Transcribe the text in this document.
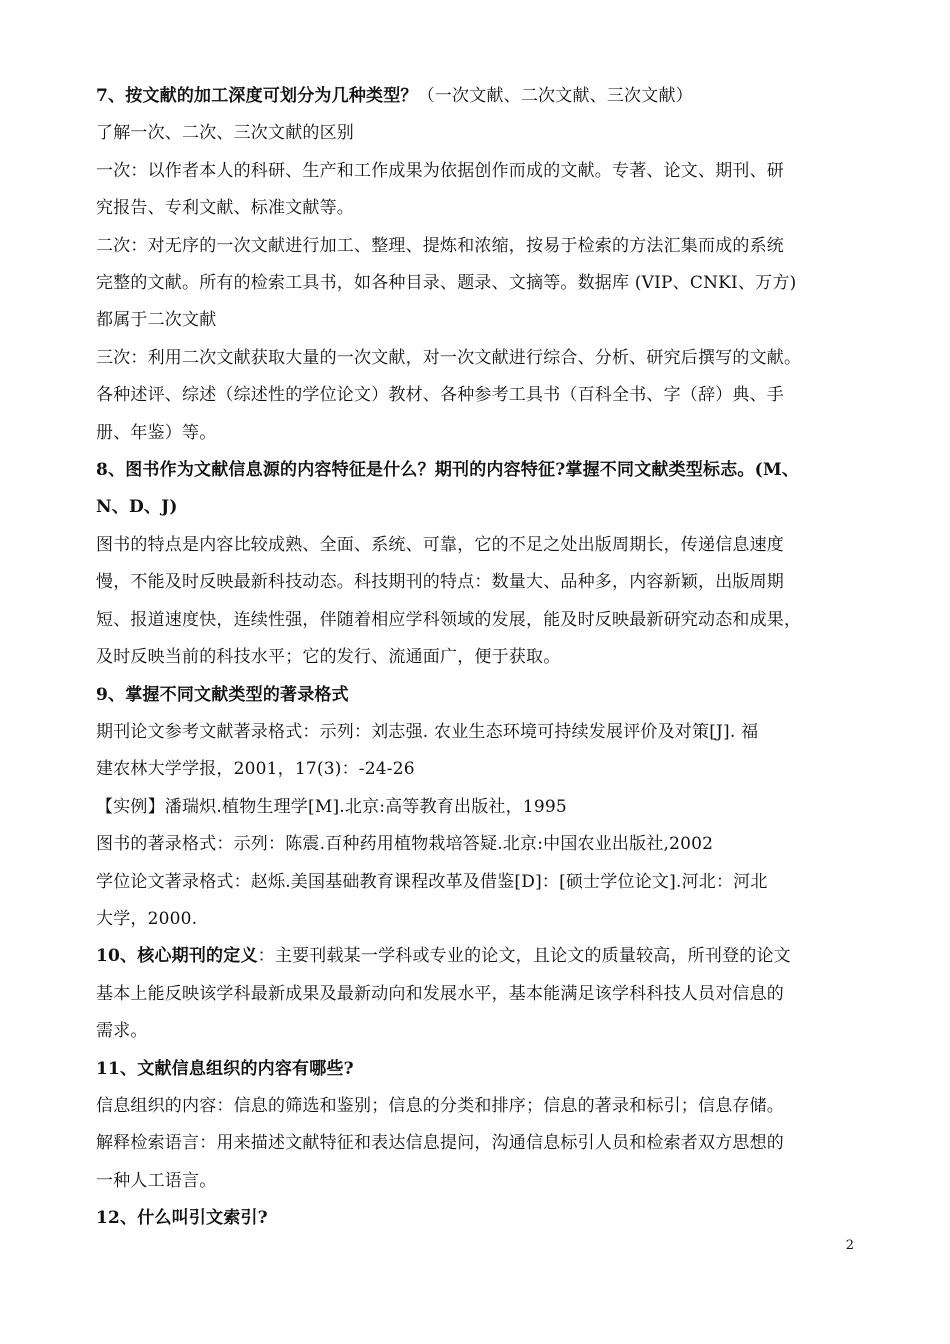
7、按文献的加工深度可划分为几种类型？（一次文献、二次文献、三次文献）
了解一次、二次、三次文献的区别
一次：以作者本人的科研、生产和工作成果为依据创作而成的文献。专著、论文、期刊、研
究报告、专利文献、标准文献等。
二次：对无序的一次文献进行加工、整理、提炼和浓缩，按易于检索的方法汇集而成的系统
完整的文献。所有的检索工具书，如各种目录、题录、文摘等。数据库 (VIP、CNKI、万方)
都属于二次文献
三次：利用二次文献获取大量的一次文献，对一次文献进行综合、分析、研究后撰写的文献。
各种述评、综述（综述性的学位论文）教材、各种参考工具书（百科全书、字（辞）典、手
册、年鉴）等。
8、图书作为文献信息源的内容特征是什么？期刊的内容特征?掌握不同文献类型标志。(M、
N、D、J)
图书的特点是内容比较成熟、全面、系统、可靠，它的不足之处出版周期长，传递信息速度
慢，不能及时反映最新科技动态。科技期刊的特点：数量大、品种多，内容新颖，出版周期
短、报道速度快，连续性强，伴随着相应学科领域的发展，能及时反映最新研究动态和成果，
及时反映当前的科技水平；它的发行、流通面广，便于获取。
9、掌握不同文献类型的著录格式
期刊论文参考文献著录格式：示列：刘志强. 农业生态环境可持续发展评价及对策[J]. 福
建农林大学学报，2001，17(3)：-24-26
【实例】潘瑞炽.植物生理学[M].北京:高等教育出版社，1995
图书的著录格式：示列：陈震.百种药用植物栽培答疑.北京:中国农业出版社,2002
学位论文著录格式：赵烁.美国基础教育课程改革及借鉴[D]：[硕士学位论文].河北：河北
大学，2000.
10、核心期刊的定义：主要刊载某一学科或专业的论文，且论文的质量较高，所刊登的论文
基本上能反映该学科最新成果及最新动向和发展水平，基本能满足该学科科技人员对信息的
需求。
11、文献信息组织的内容有哪些?
信息组织的内容：信息的筛选和鉴别；信息的分类和排序；信息的著录和标引；信息存储。
解释检索语言：用来描述文献特征和表达信息提问，沟通信息标引人员和检索者双方思想的
一种人工语言。
12、什么叫引文索引?
2
